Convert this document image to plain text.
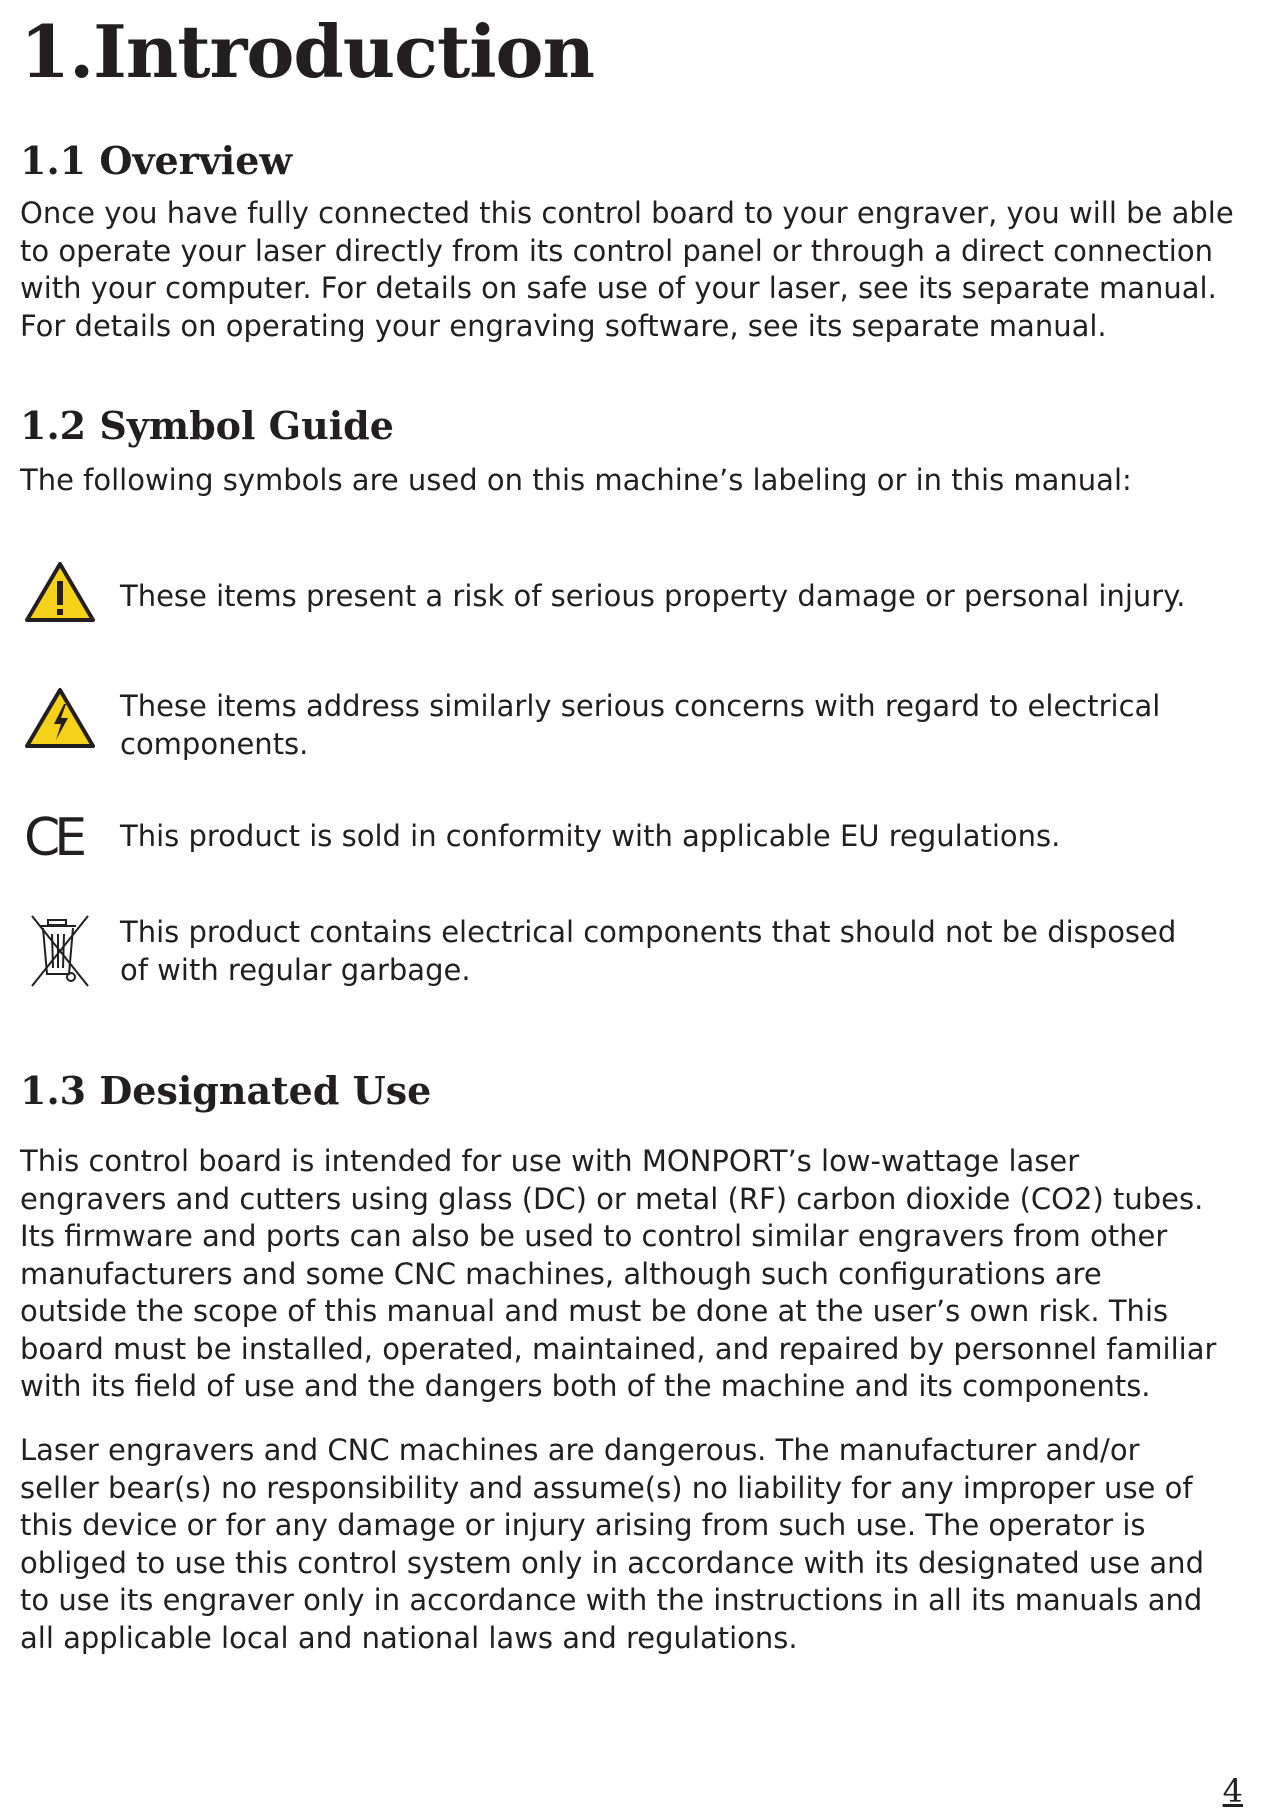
1.Introduction
1.1 Overview
Once you have fully connected this control board to your engraver, you will be able
to operate your laser directly from its control panel or through a direct connection
with your computer. For details on safe use of your laser, see its separate manual.
For details on operating your engraving software, see its separate manual.
1.2 Symbol Guide
The following symbols are used on this machine’s labeling or in this manual:
These items present a risk of serious property damage or personal injury.
These items address similarly serious concerns with regard to electrical
components.
CE	This product is sold in conformity with applicable EU regulations.
This product contains electrical components that should not be disposed
of with regular garbage.
1.3 Designated Use
This control board is intended for use with MONPORT’s low-wattage laser
engravers and cutters using glass (DC) or metal (RF) carbon dioxide (CO2) tubes.
Its firmware and ports can also be used to control similar engravers from other
manufacturers and some CNC machines, although such configurations are
outside the scope of this manual and must be done at the user’s own risk. This
board must be installed, operated, maintained, and repaired by personnel familiar
with its field of use and the dangers both of the machine and its components.
Laser engravers and CNC machines are dangerous. The manufacturer and/or
seller bear(s) no responsibility and assume(s) no liability for any improper use of
this device or for any damage or injury arising from such use. The operator is
obliged to use this control system only in accordance with its designated use and
to use its engraver only in accordance with the instructions in all its manuals and
all applicable local and national laws and regulations.
4
